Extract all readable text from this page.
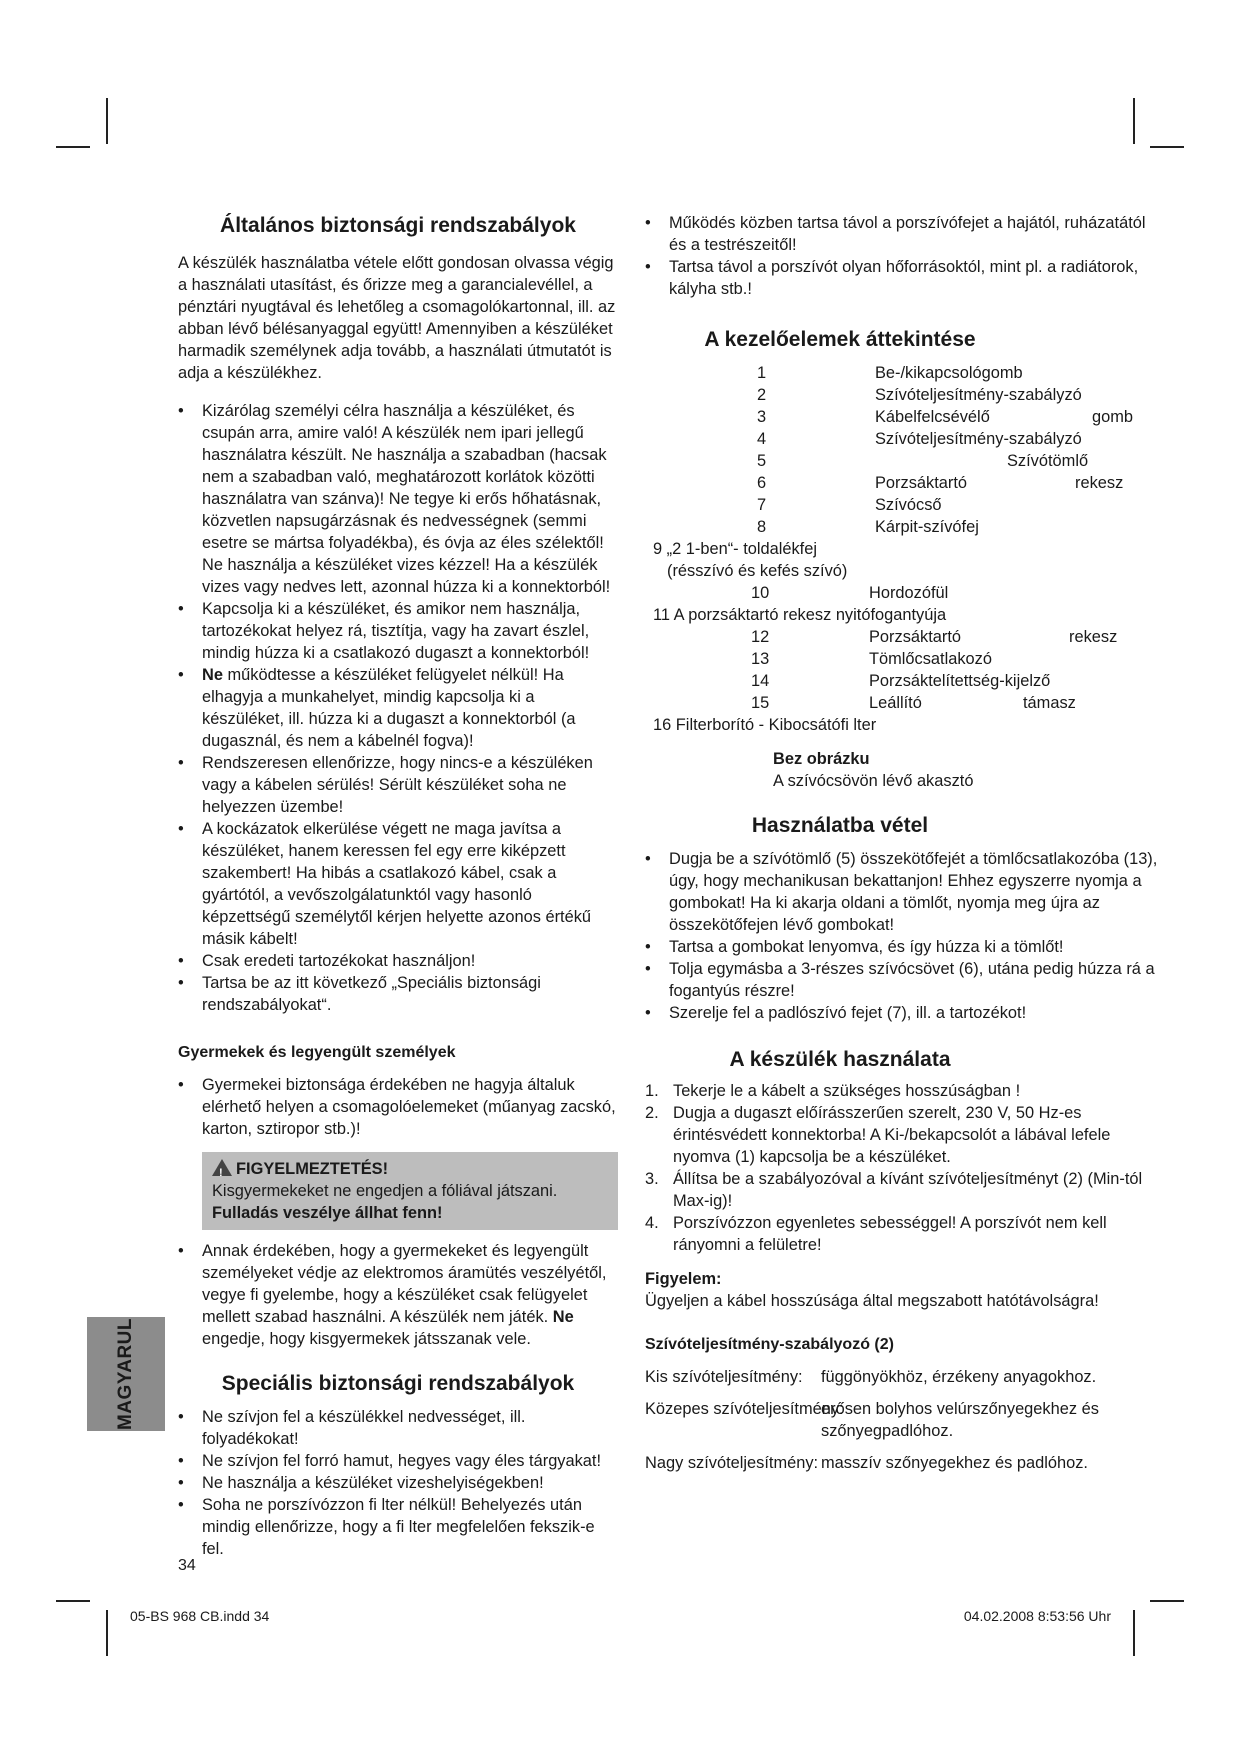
Általános biztonsági rendszabályok

A készülék használatba vétele előtt gondosan olvassa végig a használati utasítást, és őrizze meg a garancialevéllel, a pénztári nyugtával és lehetőleg a csomagolókartonnal, ill. az abban lévő bélésanyaggal együtt! Amennyiben a készüléket harmadik személynek adja tovább, a használati útmutatót is adja a készülékhez.

• Kizárólag személyi célra használja a készüléket, és csupán arra, amire való! A készülék nem ipari jellegű használatra készült. Ne használja a szabadban (hacsak nem a szabadban való, meghatározott korlátok közötti használatra van szánva)! Ne tegye ki erős hőhatásnak, közvetlen napsugárzásnak és nedvességnek (semmi esetre se mártsa folyadékba), és óvja az éles szélektől! Ne használja a készüléket vizes kézzel! Ha a készülék vizes vagy nedves lett, azonnal húzza ki a konnektorból!
• Kapcsolja ki a készüléket, és amikor nem használja, tartozékokat helyez rá, tisztítja, vagy ha zavart észlel, mindig húzza ki a csatlakozó dugaszt a konnektorból!
• Ne működtesse a készüléket felügyelet nélkül! Ha elhagyja a munkahelyet, mindig kapcsolja ki a készüléket, ill. húzza ki a dugaszt a konnektorból (a dugasznál, és nem a kábelnél fogva)!
• Rendszeresen ellenőrizze, hogy nincs-e a készüléken vagy a kábelen sérülés! Sérült készüléket soha ne helyezzen üzembe!
• A kockázatok elkerülése végett ne maga javítsa a készüléket, hanem keressen fel egy erre kiképzett szakembert! Ha hibás a csatlakozó kábel, csak a gyártótól, a vevőszolgálatunktól vagy hasonló képzettségű személytől kérjen helyette azonos értékű másik kábelt!
• Csak eredeti tartozékokat használjon!
• Tartsa be az itt következő „Speciális biztonsági rendszabályokat“.
Gyermekek és legyengült személyek
• Gyermekei biztonsága érdekében ne hagyja általuk elérhető helyen a csomagolóelemeket (műanyag zacskó, karton, sztiropor stb.)!
!FIGYELMEZTETÉS!
Kisgyermekeket ne engedjen a fóliával játszani. Fulladás veszélye állhat fenn!
• Annak érdekében, hogy a gyermekeket és legyengült személyeket védje az elektromos áramütés veszélyétől, vegye fi gyelembe, hogy a készüléket csak felügyelet mellett szabad használni. A készülék nem játék. Ne engedje, hogy kisgyermekek játsszanak vele.
Speciális biztonsági rendszabályok
• Ne szívjon fel a készülékkel nedvességet, ill. folyadékokat!
• Ne szívjon fel forró hamut, hegyes vagy éles tárgyakat!
• Ne használja a készüléket vizeshelyiségekben!
• Soha ne porszívózzon fi lter nélkül! Behelyezés után mindig ellenőrizze, hogy a fi lter megfelelően fekszik-e fel.
• Működés közben tartsa távol a porszívófejet a hajától, ruházatától és a testrészeitől!
• Tartsa távol a porszívót olyan hőforrásoktól, mint pl. a radiátorok, kályha stb.!
A kezelőelemek áttekintése
1	Be-/kikapcsológomb
2	Szívóteljesítmény-szabályzó
3	Kábelfelcsévélő	gomb
4	Szívóteljesítmény-szabályzó
5	Szívótömlő
6	Porzsáktartó	rekesz
7	Szívócső
8	Kárpit-szívófej
9 „2 1-ben“- toldalékfej
(résszívó és kefés szívó)
10	Hordozófül
11 A porzsáktartó rekesz nyitófogantyúja
12	Porzsáktartó	rekesz
13	Tömlőcsatlakozó
14	Porzsáktelítettség-kijelző
15	Leállító	támasz
16 Filterborító - Kibocsátófi lter
Bez obrázku
A szívócsövön lévő akasztó
Használatba vétel
• Dugja be a szívótömlő (5) összekötőfejét a tömlőcsatlakozóba (13), úgy, hogy mechanikusan bekattanjon! Ehhez egyszerre nyomja a gombokat! Ha ki akarja oldani a tömlőt, nyomja meg újra az összekötőfejen lévő gombokat!
• Tartsa a gombokat lenyomva, és így húzza ki a tömlőt!
• Tolja egymásba a 3-részes szívócsövet (6), utána pedig húzza rá a fogantyús részre!
• Szerelje fel a padlószívó fejet (7), ill. a tartozékot!
A készülék használata
1. Tekerje le a kábelt a szükséges hosszúságban !
2. Dugja a dugaszt előírásszerűen szerelt, 230 V, 50 Hz-es érintésvédett konnektorba! A Ki-/bekapcsolót a lábával lefele nyomva (1) kapcsolja be a készüléket.
3. Állítsa be a szabályozóval a kívánt szívóteljesítményt (2) (Min-tól Max-ig)!
4. Porszívózzon egyenletes sebességgel! A porszívót nem kell rányomni a felületre!
Figyelem:
Ügyeljen a kábel hosszúsága által megszabott hatótávolságra!
Szívóteljesítmény-szabályozó (2)
Kis szívóteljesítmény: függönyökhöz, érzékeny anyagokhoz.
Közepes szívóteljesítmény:
erősen bolyhos velúrszőnyegekhez és szőnyegpadlóhoz.
Nagy szívóteljesítmény: masszív szőnyegekhez és padlóhoz.
MAGYARUL
34
05-BS 968 CB.indd 34	04.02.2008 8:53:56 Uhr
